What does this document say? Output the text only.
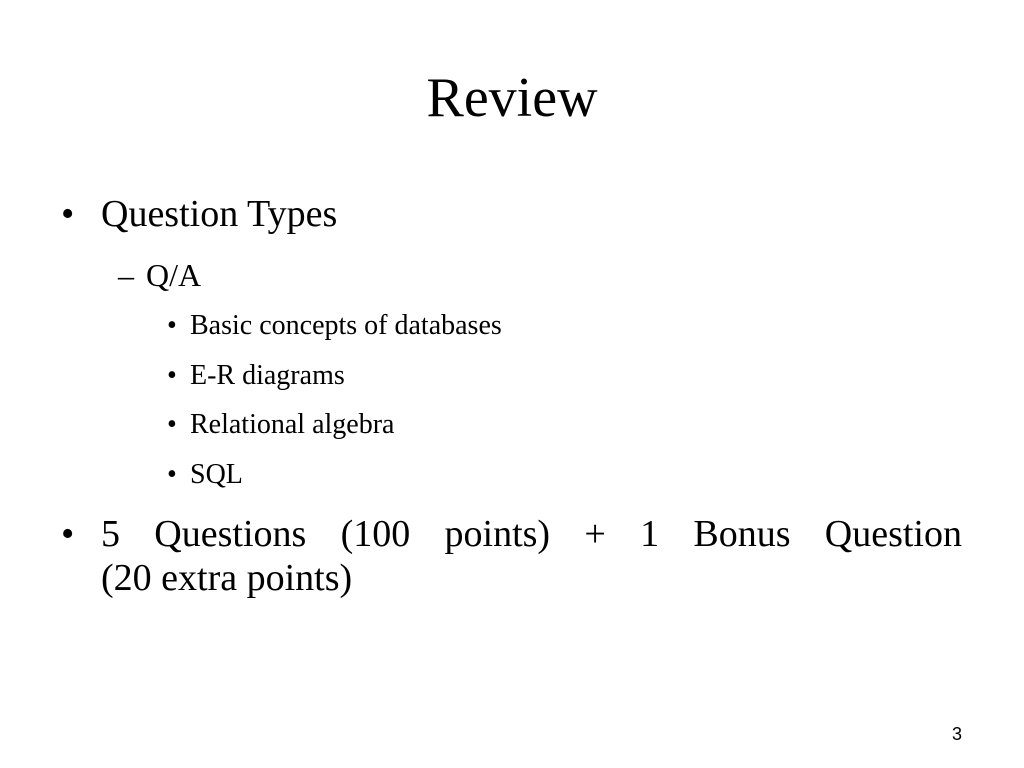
Review
• Question Types
– Q/A
• Basic concepts of databases
• E-R diagrams
• Relational algebra
• SQL
• 5 Questions (100 points) + 1 Bonus Question
(20 extra points)
3
